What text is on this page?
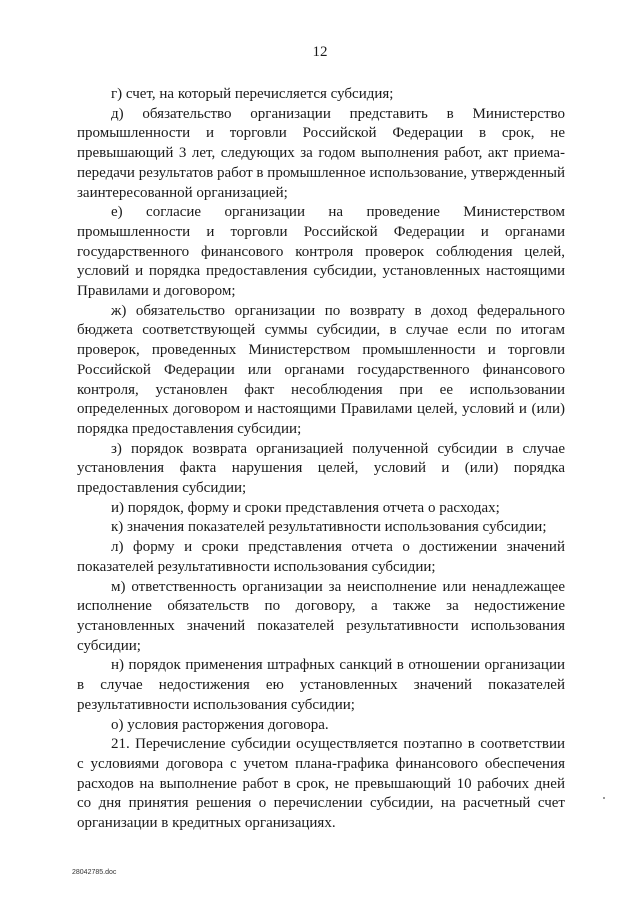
12

г) счет, на который перечисляется субсидия;

д) обязательство организации представить в Министерство промышленности и торговли Российской Федерации в срок, не превышающий 3 лет, следующих за годом выполнения работ, акт приема-передачи результатов работ в промышленное использование, утвержденный заинтересованной организацией;

е) согласие организации на проведение Министерством промышленности и торговли Российской Федерации и органами государственного финансового контроля проверок соблюдения целей, условий и порядка предоставления субсидии, установленных настоящими Правилами и договором;

ж) обязательство организации по возврату в доход федерального бюджета соответствующей суммы субсидии, в случае если по итогам проверок, проведенных Министерством промышленности и торговли Российской Федерации или органами государственного финансового контроля, установлен факт несоблюдения при ее использовании определенных договором и настоящими Правилами целей, условий и (или) порядка предоставления субсидии;

з) порядок возврата организацией полученной субсидии в случае установления факта нарушения целей, условий и (или) порядка предоставления субсидии;

и) порядок, форму и сроки представления отчета о расходах;

к) значения показателей результативности использования субсидии;

л) форму и сроки представления отчета о достижении значений показателей результативности использования субсидии;

м) ответственность организации за неисполнение или ненадлежащее исполнение обязательств по договору, а также за недостижение установленных значений показателей результативности использования субсидии;

н) порядок применения штрафных санкций в отношении организации в случае недостижения ею установленных значений показателей результативности использования субсидии;

о) условия расторжения договора.

21. Перечисление субсидии осуществляется поэтапно в соответствии с условиями договора с учетом плана-графика финансового обеспечения расходов на выполнение работ в срок, не превышающий 10 рабочих дней со дня принятия решения о перечислении субсидии, на расчетный счет организации в кредитных организациях.

28042785.doc
